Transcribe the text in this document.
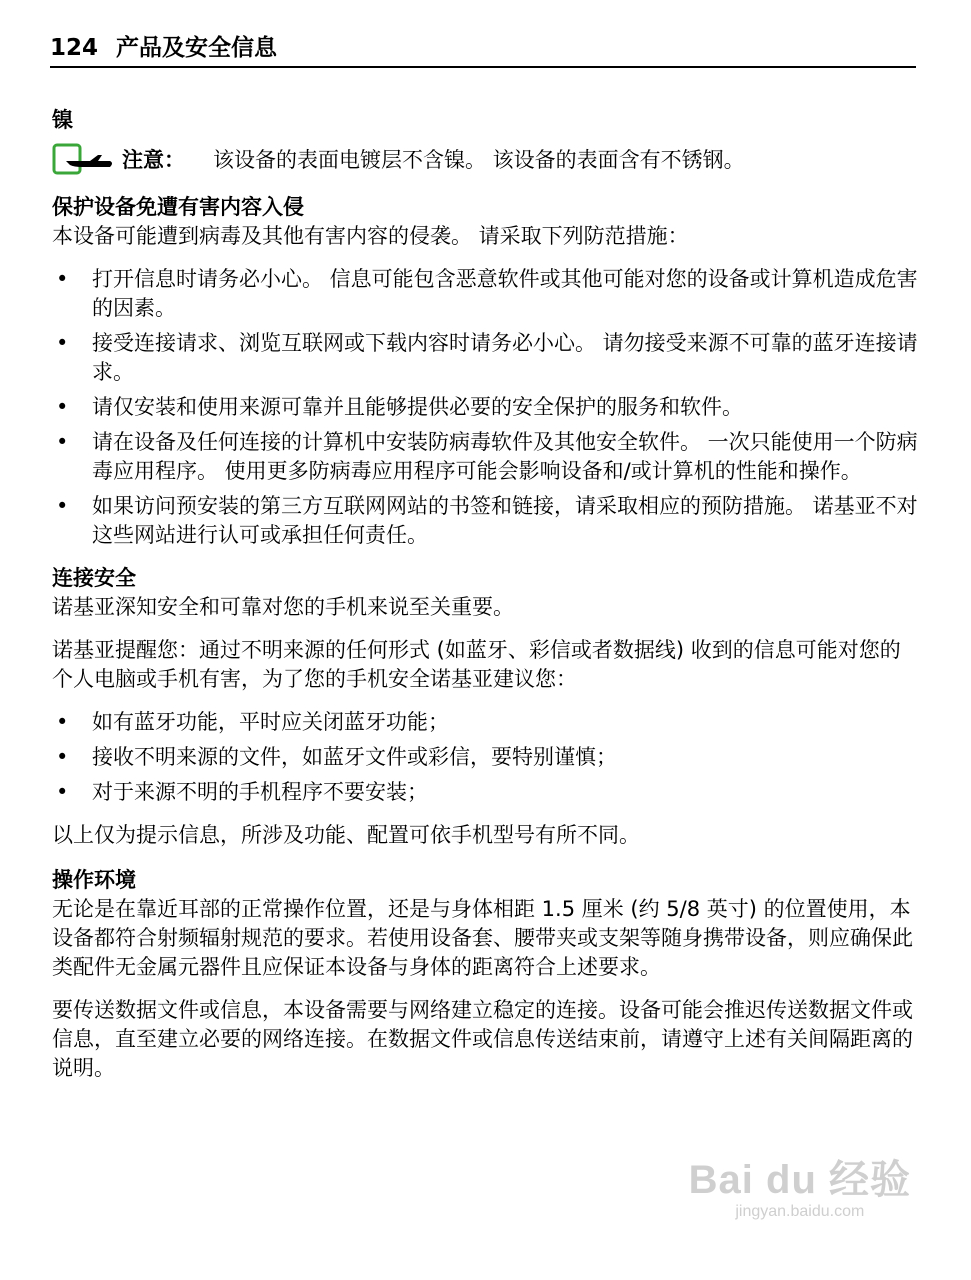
124 产品及安全信息
镍
注意： 该设备的表面电镀层不含镍。 该设备的表面含有不锈钢。
保护设备免遭有害内容入侵

本设备可能遭到病毒及其他有害内容的侵袭。 请采取下列防范措施：

• 打开信息时请务必小心。 信息可能包含恶意软件或其他可能对您的设备或计算机造成危害的因素。
• 接受连接请求、浏览互联网或下载内容时请务必小心。 请勿接受来源不可靠的蓝牙连接请求。
• 请仅安装和使用来源可靠并且能够提供必要的安全保护的服务和软件。
• 请在设备及任何连接的计算机中安装防病毒软件及其他安全软件。 一次只能使用一个防病毒应用程序。 使用更多防病毒应用程序可能会影响设备和/或计算机的性能和操作。
• 如果访问预安装的第三方互联网网站的书签和链接，请采取相应的预防措施。 诺基亚不对这些网站进行认可或承担任何责任。
连接安全

诺基亚深知安全和可靠对您的手机来说至关重要。

诺基亚提醒您：通过不明来源的任何形式 (如蓝牙、彩信或者数据线) 收到的信息可能对您的个人电脑或手机有害，为了您的手机安全诺基亚建议您：

• 如有蓝牙功能，平时应关闭蓝牙功能；
• 接收不明来源的文件，如蓝牙文件或彩信，要特别谨慎；
• 对于来源不明的手机程序不要安装；

以上仅为提示信息，所涉及功能、配置可依手机型号有所不同。

操作环境

无论是在靠近耳部的正常操作位置，还是与身体相距 1.5 厘米 (约 5/8 英寸) 的位置使用，本设备都符合射频辐射规范的要求。若使用设备套、腰带夹或支架等随身携带设备，则应确保此类配件无金属元器件且应保证本设备与身体的距离符合上述要求。

要传送数据文件或信息，本设备需要与网络建立稳定的连接。设备可能会推迟传送数据文件或信息，直至建立必要的网络连接。在数据文件或信息传送结束前，请遵守上述有关间隔距离的说明。

Bai du 经验
jingyan.baidu.com
